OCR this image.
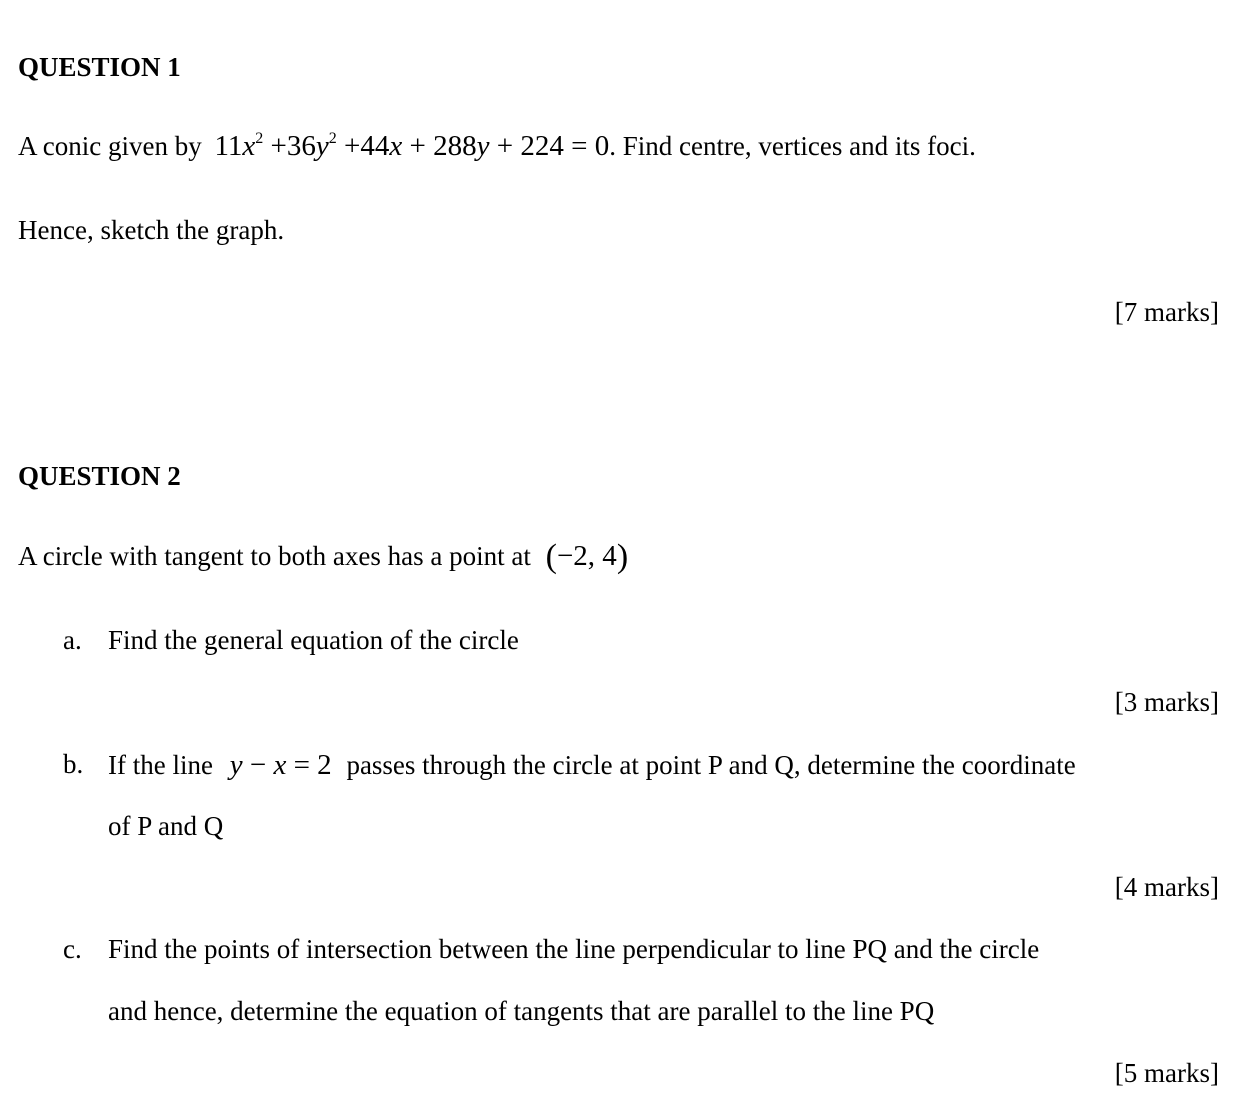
QUESTION 1
A conic given by $11x^2 +36y^2 +44x + 288y + 224 = 0$. Find centre, vertices and its foci.
Hence, sketch the graph.
[7 marks]
QUESTION 2
A circle with tangent to both axes has a point at (−2, 4)
a. Find the general equation of the circle
[3 marks]
b. If the line y − x = 2 passes through the circle at point P and Q, determine the coordinate
of P and Q
[4 marks]
c. Find the points of intersection between the line perpendicular to line PQ and the circle
and hence, determine the equation of tangents that are parallel to the line PQ
[5 marks]
